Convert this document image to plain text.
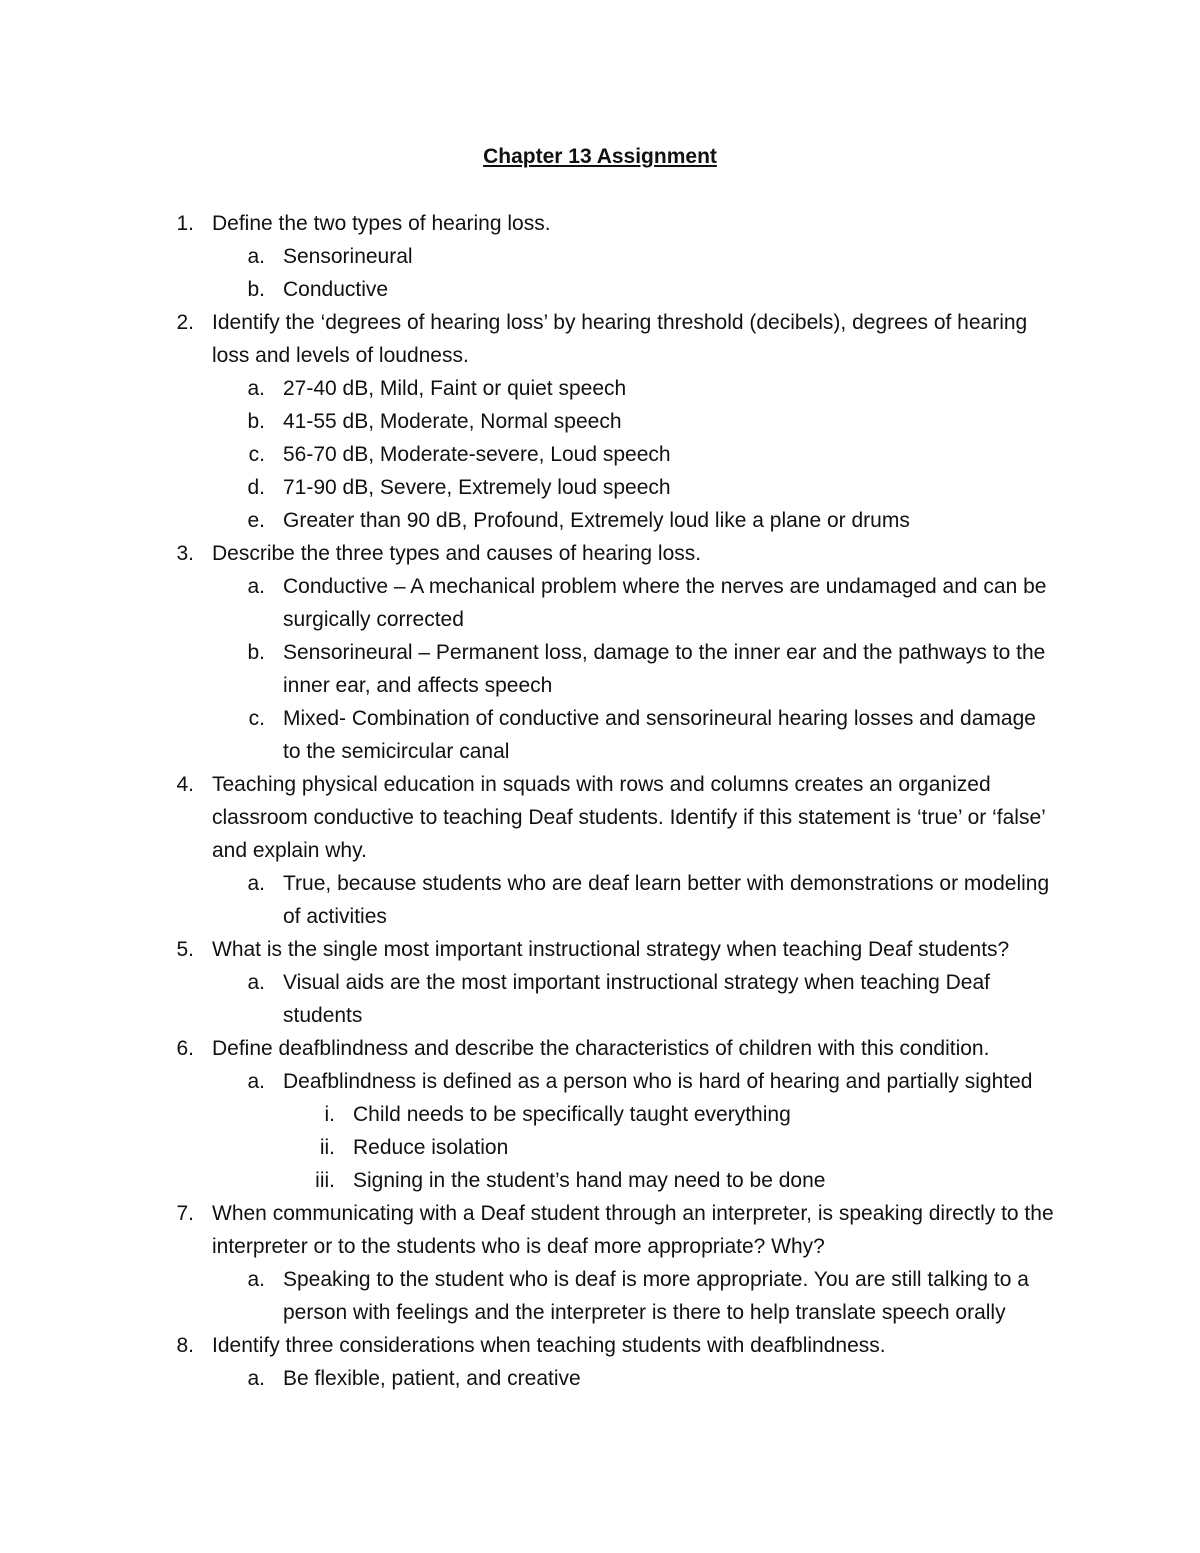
Chapter 13 Assignment
1. Define the two types of hearing loss.
a. Sensorineural
b. Conductive
2. Identify the ‘degrees of hearing loss’ by hearing threshold (decibels), degrees of hearing loss and levels of loudness.
a. 27-40 dB, Mild, Faint or quiet speech
b. 41-55 dB, Moderate, Normal speech
c. 56-70 dB, Moderate-severe, Loud speech
d. 71-90 dB, Severe, Extremely loud speech
e. Greater than 90 dB, Profound, Extremely loud like a plane or drums
3. Describe the three types and causes of hearing loss.
a. Conductive – A mechanical problem where the nerves are undamaged and can be surgically corrected
b. Sensorineural – Permanent loss, damage to the inner ear and the pathways to the inner ear, and affects speech
c. Mixed- Combination of conductive and sensorineural hearing losses and damage to the semicircular canal
4. Teaching physical education in squads with rows and columns creates an organized classroom conductive to teaching Deaf students. Identify if this statement is ‘true’ or ‘false’ and explain why.
a. True, because students who are deaf learn better with demonstrations or modeling of activities
5. What is the single most important instructional strategy when teaching Deaf students?
a. Visual aids are the most important instructional strategy when teaching Deaf students
6. Define deafblindness and describe the characteristics of children with this condition.
a. Deafblindness is defined as a person who is hard of hearing and partially sighted
i. Child needs to be specifically taught everything
ii. Reduce isolation
iii. Signing in the student’s hand may need to be done
7. When communicating with a Deaf student through an interpreter, is speaking directly to the interpreter or to the students who is deaf more appropriate? Why?
a. Speaking to the student who is deaf is more appropriate. You are still talking to a person with feelings and the interpreter is there to help translate speech orally
8. Identify three considerations when teaching students with deafblindness.
a. Be flexible, patient, and creative
